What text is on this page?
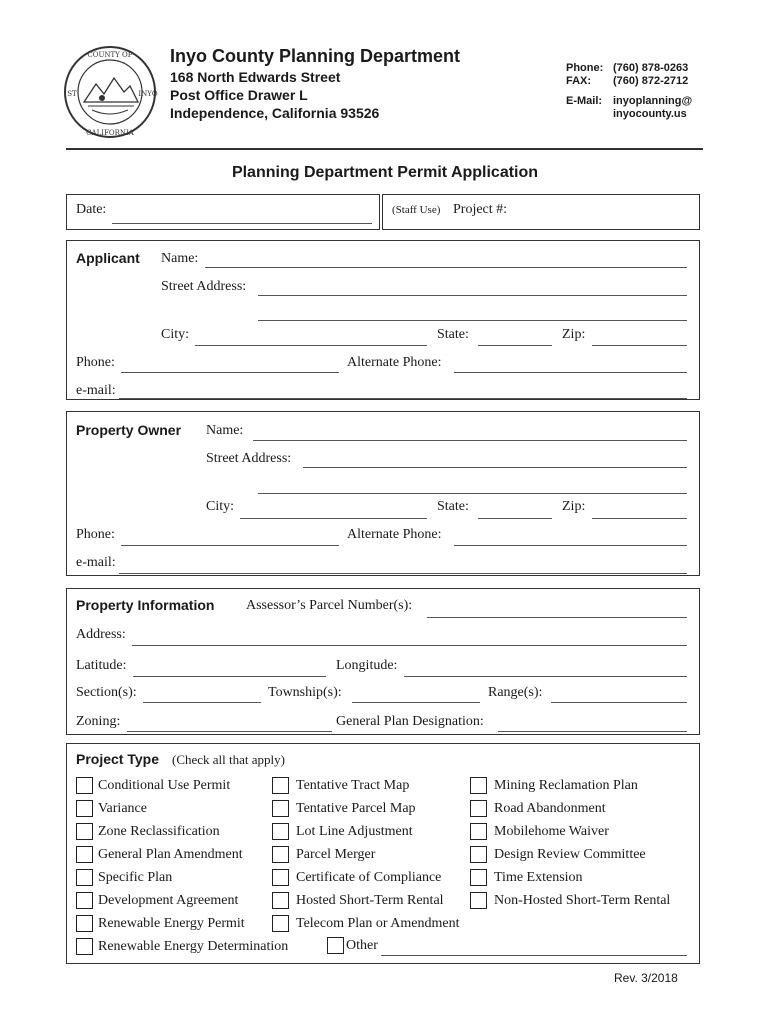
COUNTY OF
CALIFORNIA
INYO
ST
Inyo County Planning Department
168 North Edwards Street
Post Office Drawer L
Independence, California 93526
Phone: (760) 878-0263
FAX: (760) 872-2712
E-Mail: inyoplanning@
inyocounty.us
Planning Department Permit Application
Date:	(Staff Use) Project #:
Applicant Name:
Street Address:
City:	State:	Zip:
Phone:	Alternate Phone:
e-mail:
Property Owner Name:
Street Address:
City:	State:	Zip:
Phone:	Alternate Phone:
e-mail:
Property Information Assessor’s Parcel Number(s):
Address:
Latitude:	Longitude:
Section(s):	Township(s):	Range(s):
Zoning:	General Plan Designation:
Project Type (Check all that apply)
Conditional Use Permit
Variance
Zone Reclassification
General Plan Amendment
Specific Plan
Development Agreement
Renewable Energy Permit
Renewable Energy Determination
Tentative Tract Map
Tentative Parcel Map
Lot Line Adjustment
Parcel Merger
Certificate of Compliance
Hosted Short-Term Rental
Telecom Plan or Amendment
Mining Reclamation Plan
Road Abandonment
Mobilehome Waiver
Design Review Committee
Time Extension
Non-Hosted Short-Term Rental
Other
Rev. 3/2018
